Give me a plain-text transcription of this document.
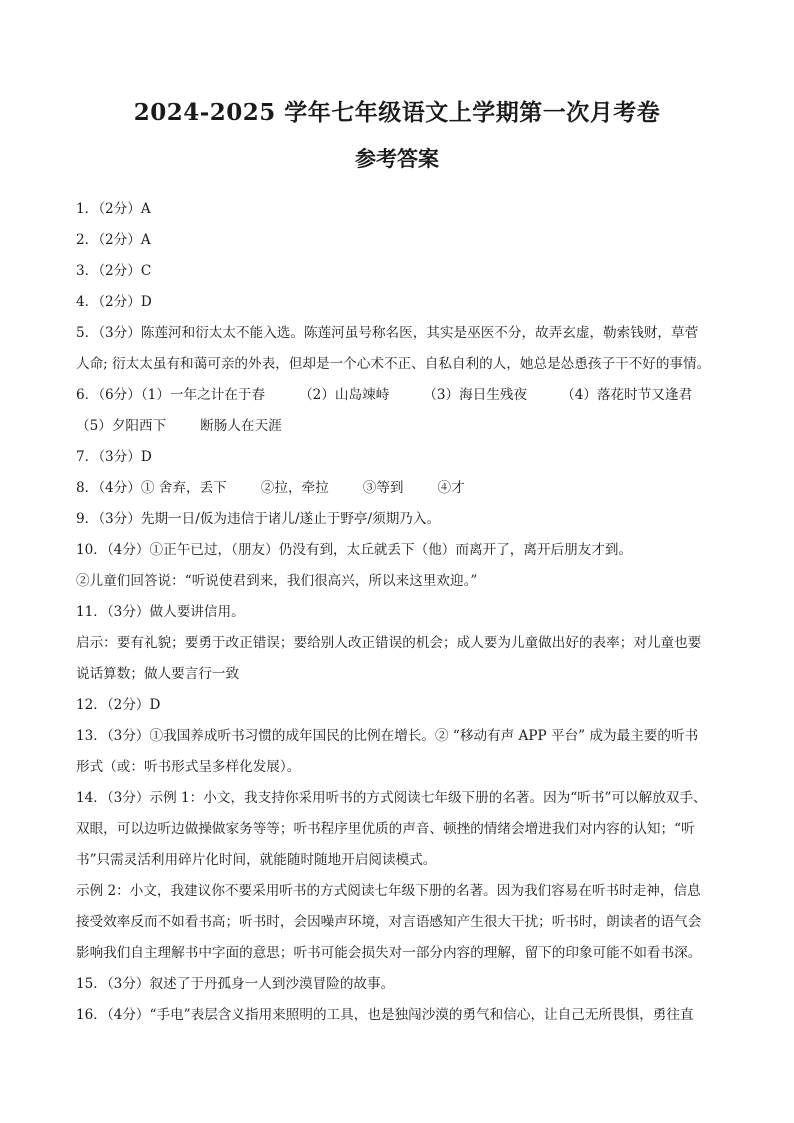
2024-2025 学年七年级语文上学期第一次月考卷
参考答案
1．（2分）A
2．（2分）A
3．（2分）C
4．（2分）D
5．（3分）陈莲河和衍太太不能入选。陈莲河虽号称名医，其实是巫医不分，故弄玄虚，勒索钱财，草菅
人命; 衍太太虽有和蔼可亲的外表，但却是一个心术不正、自私自利的人，她总是怂恿孩子干不好的事情。
6．（6分）（1）一年之计在于春	（2）山岛竦峙	（3）海日生残夜	（4）落花时节又逢君
（5）夕阳西下	断肠人在天涯
7．（3分）D
8．（4分）① 舍弃，丢下	②拉，牵拉	③等到	④才
9．（3分）先期一日/仮为违信于诸儿/遂止于野亭/须期乃入。
10．（4分）①正午已过，（朋友）仍没有到，太丘就丢下（他）而离开了，离开后朋友才到。
②儿童们回答说：“听说使君到来，我们很高兴，所以来这里欢迎。”
11．（3分）做人要讲信用。
启示：要有礼貌；要勇于改正错误；要给别人改正错误的机会；成人要为儿童做出好的表率；对儿童也要
说话算数；做人要言行一致
12．（2分）D
13．（3分）①我国养成听书习惯的成年国民的比例在增长。② “移动有声 APP 平台” 成为最主要的听书
形式（或：听书形式呈多样化发展）。
14．（3分）示例 1：小文，我支持你采用听书的方式阅读七年级下册的名著。因为“听书”可以解放双手、
双眼，可以边听边做操做家务等等；听书程序里优质的声音、顿挫的情绪会增进我们对内容的认知；“听
书”只需灵活利用碎片化时间，就能随时随地开启阅读模式。
示例 2：小文，我建议你不要采用听书的方式阅读七年级下册的名著。因为我们容易在听书时走神，信息
接受效率反而不如看书高；听书时，会因噪声环境，对言语感知产生很大干扰；听书时，朗读者的语气会
影响我们自主理解书中字面的意思；听书可能会损失对一部分内容的理解，留下的印象可能不如看书深。
15．（3分）叙述了于丹孤身一人到沙漠冒险的故事。
16．（4分）“手电”表层含义指用来照明的工具，也是独闯沙漠的勇气和信心，让自己无所畏惧，勇往直
